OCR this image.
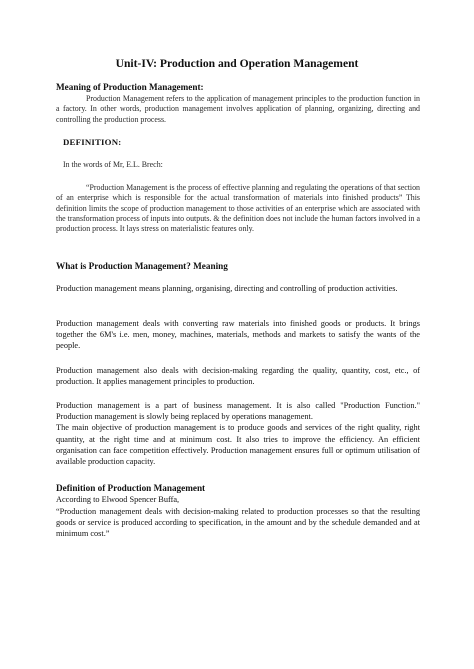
Unit-IV: Production and Operation Management
Meaning of Production Management:

Production Management refers to the application of management principles to the production function in a factory. In other words, production management involves application of planning, organizing, directing and controlling the production process.

DEFINITION:
In the words of Mr, E.L. Brech:

“Production Management is the process of effective planning and regulating the operations of that section of an enterprise which is responsible for the actual transformation of materials into finished products” This definition limits the scope of production management to those activities of an enterprise which are associated with the transformation process of inputs into outputs. & the definition does not include the human factors involved in a production process. It lays stress on materialistic features only.

What is Production Management? Meaning

Production management means planning, organising, directing and controlling of production activities.

Production management deals with converting raw materials into finished goods or products. It brings together the 6M's i.e. men, money, machines, materials, methods and markets to satisfy the wants of the people.

Production management also deals with decision-making regarding the quality, quantity, cost, etc., of production. It applies management principles to production.

Production management is a part of business management. It is also called "Production Function." Production management is slowly being replaced by operations management.
The main objective of production management is to produce goods and services of the right quality, right quantity, at the right time and at minimum cost. It also tries to improve the efficiency. An efficient organisation can face competition effectively. Production management ensures full or optimum utilisation of available production capacity.
Definition of Production Management
According to Elwood Spencer Buffa,

“Production management deals with decision-making related to production processes so that the resulting goods or service is produced according to specification, in the amount and by the schedule demanded and at minimum cost.”
